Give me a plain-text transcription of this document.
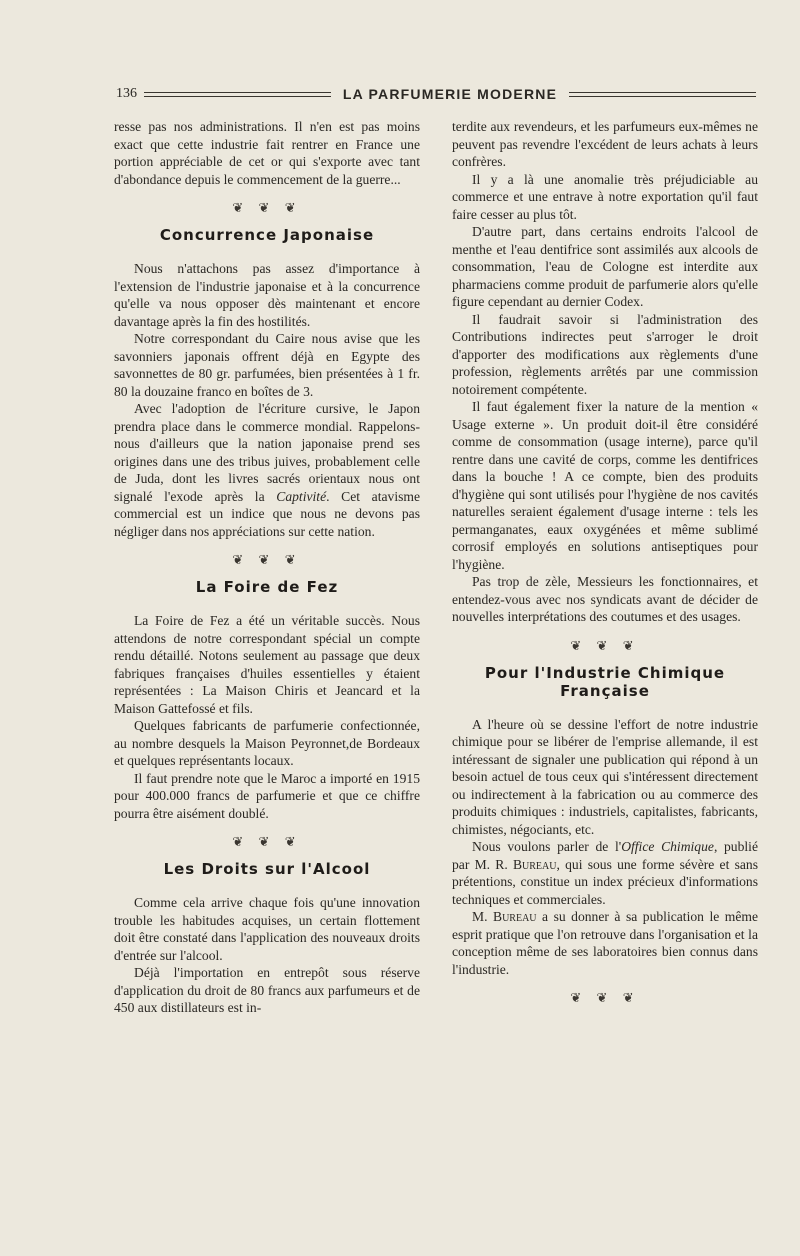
136	LA PARFUMERIE MODERNE

resse pas nos administrations. Il n'en est pas moins exact que cette industrie fait rentrer en France une portion appréciable de cet or qui s'exporte avec tant d'abondance depuis le commencement de la guerre...

❦ ❦ ❦
Concurrence Japonaise

Nous n'attachons pas assez d'importance à l'extension de l'industrie japonaise et à la concurrence qu'elle va nous opposer dès maintenant et encore davantage après la fin des hostilités.

Notre correspondant du Caire nous avise que les savonniers japonais offrent déjà en Egypte des savonnettes de 80 gr. parfumées, bien présentées à 1 fr. 80 la douzaine franco en boîtes de 3.

Avec l'adoption de l'écriture cursive, le Japon prendra place dans le commerce mondial. Rappelons-nous d'ailleurs que la nation japonaise prend ses origines dans une des tribus juives, probablement celle de Juda, dont les livres sacrés orientaux nous ont signalé l'exode après la Captivité. Cet atavisme commercial est un indice que nous ne devons pas négliger dans nos appréciations sur cette nation.

❦ ❦ ❦
La Foire de Fez

La Foire de Fez a été un véritable succès. Nous attendons de notre correspondant spécial un compte rendu détaillé. Notons seulement au passage que deux fabriques françaises d'huiles essentielles y étaient représentées : La Maison Chiris et Jeancard et la Maison Gattefossé et fils.

Quelques fabricants de parfumerie confectionnée, au nombre desquels la Maison Peyronnet,de Bordeaux et quelques représentants locaux.

Il faut prendre note que le Maroc a importé en 1915 pour 400.000 francs de parfumerie et que ce chiffre pourra être aisément doublé.

❦ ❦ ❦
Les Droits sur l'Alcool

Comme cela arrive chaque fois qu'une innovation trouble les habitudes acquises, un certain flottement doit être constaté dans l'application des nouveaux droits d'entrée sur l'alcool.

Déjà l'importation en entrepôt sous réserve d'application du droit de 80 francs aux parfumeurs et de 450 aux distillateurs est in-

terdite aux revendeurs, et les parfumeurs eux-mêmes ne peuvent pas revendre l'excédent de leurs achats à leurs confrères.

Il y a là une anomalie très préjudiciable au commerce et une entrave à notre exportation qu'il faut faire cesser au plus tôt.

D'autre part, dans certains endroits l'alcool de menthe et l'eau dentifrice sont assimilés aux alcools de consommation, l'eau de Cologne est interdite aux pharmaciens comme produit de parfumerie alors qu'elle figure cependant au dernier Codex.

Il faudrait savoir si l'administration des Contributions indirectes peut s'arroger le droit d'apporter des modifications aux règlements d'une profession, règlements arrêtés par une commission notoirement compétente.

Il faut également fixer la nature de la mention « Usage externe ». Un produit doit-il être considéré comme de consommation (usage interne), parce qu'il rentre dans une cavité de corps, comme les dentifrices dans la bouche ! A ce compte, bien des produits d'hygiène qui sont utilisés pour l'hygiène de nos cavités naturelles seraient également d'usage interne : tels les permanganates, eaux oxygénées et même sublimé corrosif employés en solutions antiseptiques pour l'hygiène.

Pas trop de zèle, Messieurs les fonctionnaires, et entendez-vous avec nos syndicats avant de décider de nouvelles interprétations des coutumes et des usages.

❦ ❦ ❦
Pour l'Industrie Chimique Française

A l'heure où se dessine l'effort de notre industrie chimique pour se libérer de l'emprise allemande, il est intéressant de signaler une publication qui répond à un besoin actuel de tous ceux qui s'intéressent directement ou indirectement à la fabrication ou au commerce des produits chimiques : industriels, capitalistes, fabricants, chimistes, négociants, etc.

Nous voulons parler de l'Office Chimique, publié par M. R. Bureau, qui sous une forme sévère et sans prétentions, constitue un index précieux d'informations techniques et commerciales.

M. Bureau a su donner à sa publication le même esprit pratique que l'on retrouve dans l'organisation et la conception même de ses laboratoires bien connus dans l'industrie.

❦ ❦ ❦
